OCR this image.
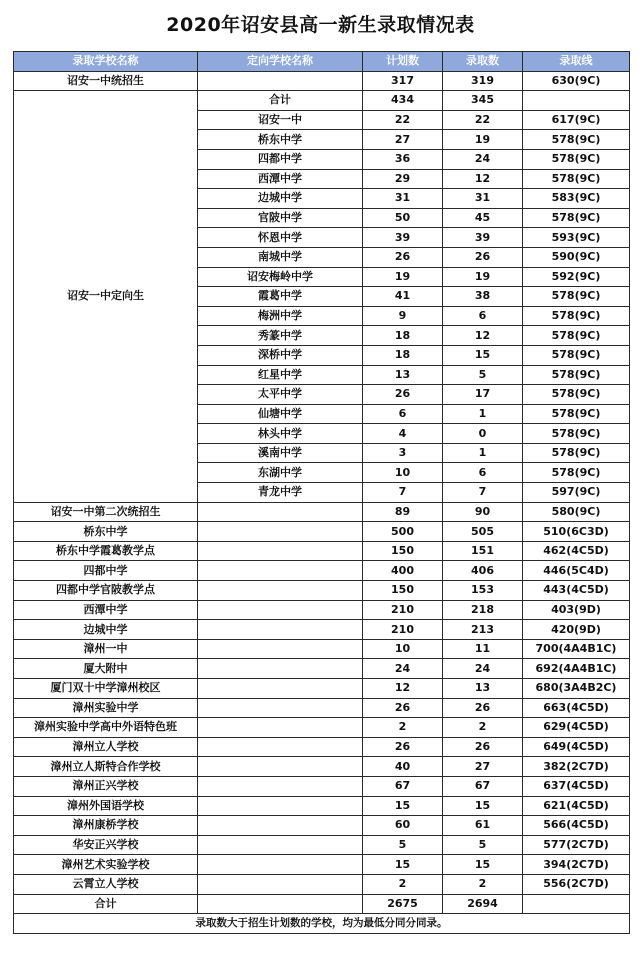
2020年诏安县高一新生录取情况表
录取学校名称	定向学校名称	计划数	录取数	录取线
诏安一中统招生		317	319	630(9C)
诏安一中定向生	合计	434	345	
	诏安一中	22	22	617(9C)
	桥东中学	27	19	578(9C)
	四都中学	36	24	578(9C)
	西潭中学	29	12	578(9C)
	边城中学	31	31	583(9C)
	官陂中学	50	45	578(9C)
	怀恩中学	39	39	593(9C)
	南城中学	26	26	590(9C)
	诏安梅岭中学	19	19	592(9C)
	霞葛中学	41	38	578(9C)
	梅洲中学	9	6	578(9C)
	秀篆中学	18	12	578(9C)
	深桥中学	18	15	578(9C)
	红星中学	13	5	578(9C)
	太平中学	26	17	578(9C)
	仙塘中学	6	1	578(9C)
	林头中学	4	0	578(9C)
	溪南中学	3	1	578(9C)
	东湖中学	10	6	578(9C)
	青龙中学	7	7	597(9C)
诏安一中第二次统招生		89	90	580(9C)
桥东中学		500	505	510(6C3D)
桥东中学霞葛教学点		150	151	462(4C5D)
四都中学		400	406	446(5C4D)
四都中学官陂教学点		150	153	443(4C5D)
西潭中学		210	218	403(9D)
边城中学		210	213	420(9D)
漳州一中		10	11	700(4A4B1C)
厦大附中		24	24	692(4A4B1C)
厦门双十中学漳州校区		12	13	680(3A4B2C)
漳州实验中学		26	26	663(4C5D)
漳州实验中学高中外语特色班		2	2	629(4C5D)
漳州立人学校		26	26	649(4C5D)
漳州立人斯特合作学校		40	27	382(2C7D)
漳州正兴学校		67	67	637(4C5D)
漳州外国语学校		15	15	621(4C5D)
漳州康桥学校		60	61	566(4C5D)
华安正兴学校		5	5	577(2C7D)
漳州艺术实验学校		15	15	394(2C7D)
云霄立人学校		2	2	556(2C7D)
合计		2675	2694	
录取数大于招生计划数的学校，均为最低分同分同录。				
